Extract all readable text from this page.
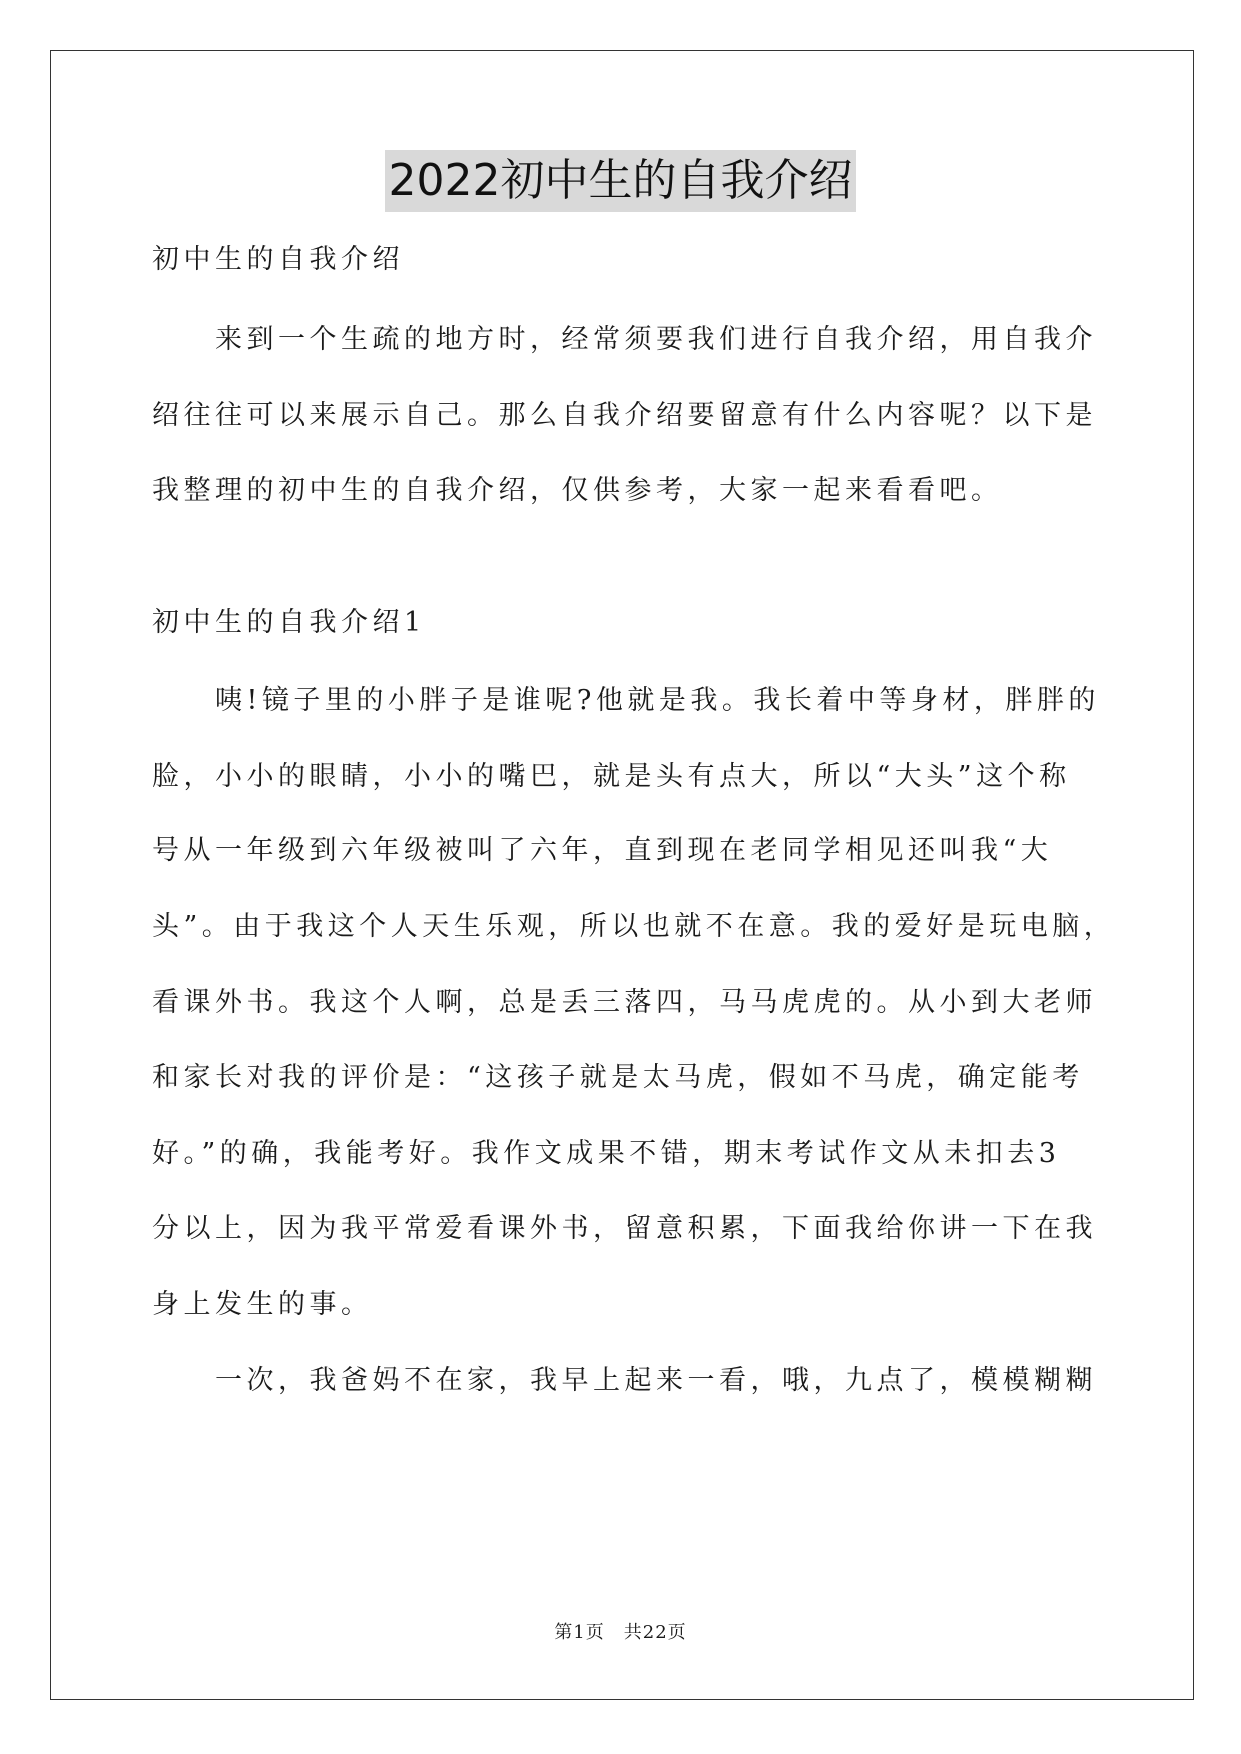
2022初中生的自我介绍
初中生的自我介绍
　　来到一个生疏的地方时，经常须要我们进行自我介绍，用自我介
绍往往可以来展示自己。那么自我介绍要留意有什么内容呢？以下是
我整理的初中生的自我介绍，仅供参考，大家一起来看看吧。
初中生的自我介绍1
　　咦!镜子里的小胖子是谁呢?他就是我。我长着中等身材，胖胖的
脸，小小的眼睛，小小的嘴巴，就是头有点大，所以“大头”这个称
号从一年级到六年级被叫了六年，直到现在老同学相见还叫我“大
头”。由于我这个人天生乐观，所以也就不在意。我的爱好是玩电脑，
看课外书。我这个人啊，总是丢三落四，马马虎虎的。从小到大老师
和家长对我的评价是：“这孩子就是太马虎，假如不马虎，确定能考
好。”的确，我能考好。我作文成果不错，期末考试作文从未扣去3
分以上，因为我平常爱看课外书，留意积累，下面我给你讲一下在我
身上发生的事。
　　一次，我爸妈不在家，我早上起来一看，哦，九点了，模模糊糊
第1页　共22页
